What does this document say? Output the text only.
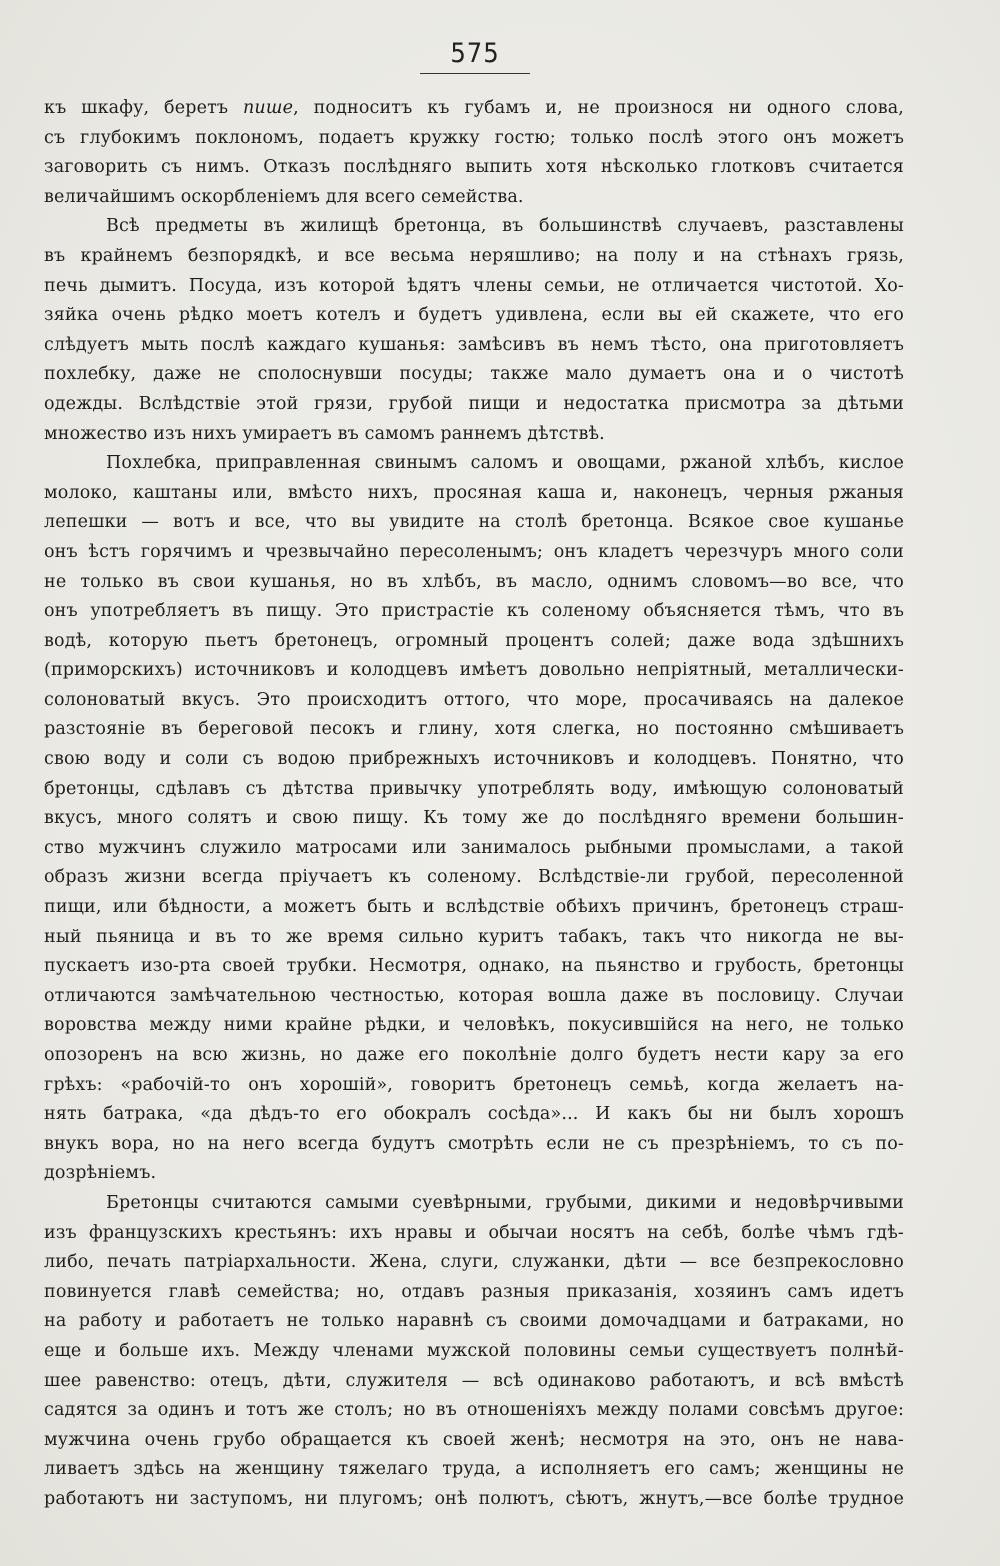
575
къ шкафу, беретъ пише, подноситъ къ губамъ и, не произнося ни одного слова,
съ глубокимъ поклономъ, подаетъ кружку гостю; только послѣ этого онъ можетъ
заговорить съ нимъ. Отказъ послѣдняго выпить хотя нѣсколько глотковъ считается
величайшимъ оскорбленіемъ для всего семейства.
Всѣ предметы въ жилищѣ бретонца, въ большинствѣ случаевъ, разставлены
въ крайнемъ безпорядкѣ, и все весьма неряшливо; на полу и на стѣнахъ грязь,
печь дымитъ. Посуда, изъ которой ѣдятъ члены семьи, не отличается чистотой. Хо-
зяйка очень рѣдко моетъ котелъ и будетъ удивлена, если вы ей скажете, что его
слѣдуетъ мыть послѣ каждаго кушанья: замѣсивъ въ немъ тѣсто, она приготовляетъ
похлебку, даже не сполоснувши посуды; также мало думаетъ она и о чистотѣ
одежды. Вслѣдствіе этой грязи, грубой пищи и недостатка присмотра за дѣтьми
множество изъ нихъ умираетъ въ самомъ раннемъ дѣтствѣ.
Похлебка, приправленная свинымъ саломъ и овощами, ржаной хлѣбъ, кислое
молоко, каштаны или, вмѣсто нихъ, просяная каша и, наконецъ, черныя ржаныя
лепешки — вотъ и все, что вы увидите на столѣ бретонца. Всякое свое кушанье
онъ ѣстъ горячимъ и чрезвычайно пересоленымъ; онъ кладетъ черезчуръ много соли
не только въ свои кушанья, но въ хлѣбъ, въ масло, однимъ словомъ—во все, что
онъ употребляетъ въ пищу. Это пристрастіе къ соленому объясняется тѣмъ, что въ
водѣ, которую пьетъ бретонецъ, огромный процентъ солей; даже вода здѣшнихъ
(приморскихъ) источниковъ и колодцевъ имѣетъ довольно непріятный, металлически-
солоноватый вкусъ. Это происходитъ оттого, что море, просачиваясь на далекое
разстояніе въ береговой песокъ и глину, хотя слегка, но постоянно смѣшиваетъ
свою воду и соли съ водою прибрежныхъ источниковъ и колодцевъ. Понятно, что
бретонцы, сдѣлавъ съ дѣтства привычку употреблять воду, имѣющую солоноватый
вкусъ, много солятъ и свою пищу. Къ тому же до послѣдняго времени большин-
ство мужчинъ служило матросами или занималось рыбными промыслами, а такой
образъ жизни всегда пріучаетъ къ соленому. Вслѣдствіе-ли грубой, пересоленной
пищи, или бѣдности, а можетъ быть и вслѣдствіе обѣихъ причинъ, бретонецъ страш-
ный пьяница и въ то же время сильно куритъ табакъ, такъ что никогда не вы-
пускаетъ изо-рта своей трубки. Несмотря, однако, на пьянство и грубость, бретонцы
отличаются замѣчательною честностью, которая вошла даже въ пословицу. Случаи
воровства между ними крайне рѣдки, и человѣкъ, покусившійся на него, не только
опозоренъ на всю жизнь, но даже его поколѣніе долго будетъ нести кару за его
грѣхъ: «рабочій-то онъ хорошій», говоритъ бретонецъ семьѣ, когда желаетъ на-
нять батрака, «да дѣдъ-то его обокралъ сосѣда»... И какъ бы ни былъ хорошъ
внукъ вора, но на него всегда будутъ смотрѣть если не съ презрѣніемъ, то съ по-
дозрѣніемъ.
Бретонцы считаются самыми суевѣрными, грубыми, дикими и недовѣрчивыми
изъ французскихъ крестьянъ: ихъ нравы и обычаи носятъ на себѣ, болѣе чѣмъ гдѣ-
либо, печать патріархальности. Жена, слуги, служанки, дѣти — все безпрекословно
повинуется главѣ семейства; но, отдавъ разныя приказанія, хозяинъ самъ идетъ
на работу и работаетъ не только наравнѣ съ своими домочадцами и батраками, но
еще и больше ихъ. Между членами мужской половины семьи существуетъ полнѣй-
шее равенство: отецъ, дѣти, служителя — всѣ одинаково работаютъ, и всѣ вмѣстѣ
садятся за одинъ и тотъ же столъ; но въ отношеніяхъ между полами совсѣмъ другое:
мужчина очень грубо обращается къ своей женѣ; несмотря на это, онъ не нава-
ливаетъ здѣсь на женщину тяжелаго труда, а исполняетъ его самъ; женщины не
работаютъ ни заступомъ, ни плугомъ; онѣ полютъ, сѣютъ, жнутъ,—все болѣе трудное
